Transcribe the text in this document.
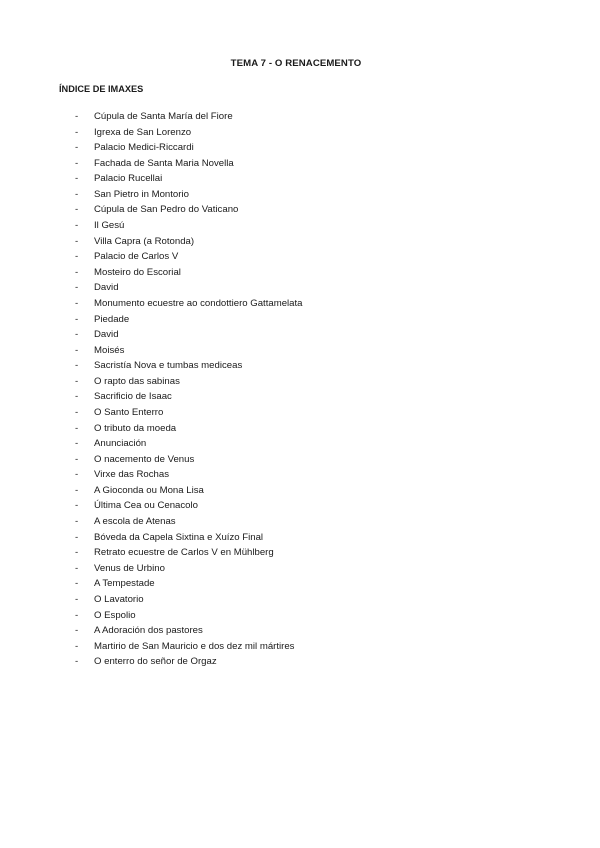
TEMA 7 - O RENACEMENTO
ÍNDICE DE IMAXES
- Cúpula de Santa María del Fiore
- Igrexa de San Lorenzo
- Palacio Medici-Riccardi
- Fachada de Santa Maria Novella
- Palacio Rucellai
- San Pietro in Montorio
- Cúpula de San Pedro do Vaticano
- Il Gesú
- Villa Capra (a Rotonda)
- Palacio de Carlos V
- Mosteiro do Escorial
- David
- Monumento ecuestre ao condottiero Gattamelata
- Piedade
- David
- Moisés
- Sacristía Nova e tumbas mediceas
- O rapto das sabinas
- Sacrificio de Isaac
- O Santo Enterro
- O tributo da moeda
- Anunciación
- O nacemento de Venus
- Virxe das Rochas
- A Gioconda ou Mona Lisa
- Última Cea ou Cenacolo
- A escola de Atenas
- Bóveda da Capela Sixtina e Xuízo Final
- Retrato ecuestre de Carlos V en Mühlberg
- Venus de Urbino
- A Tempestade
- O Lavatorio
- O Espolio
- A Adoración dos pastores
- Martirio de San Mauricio e dos dez mil mártires
- O enterro do señor de Orgaz
